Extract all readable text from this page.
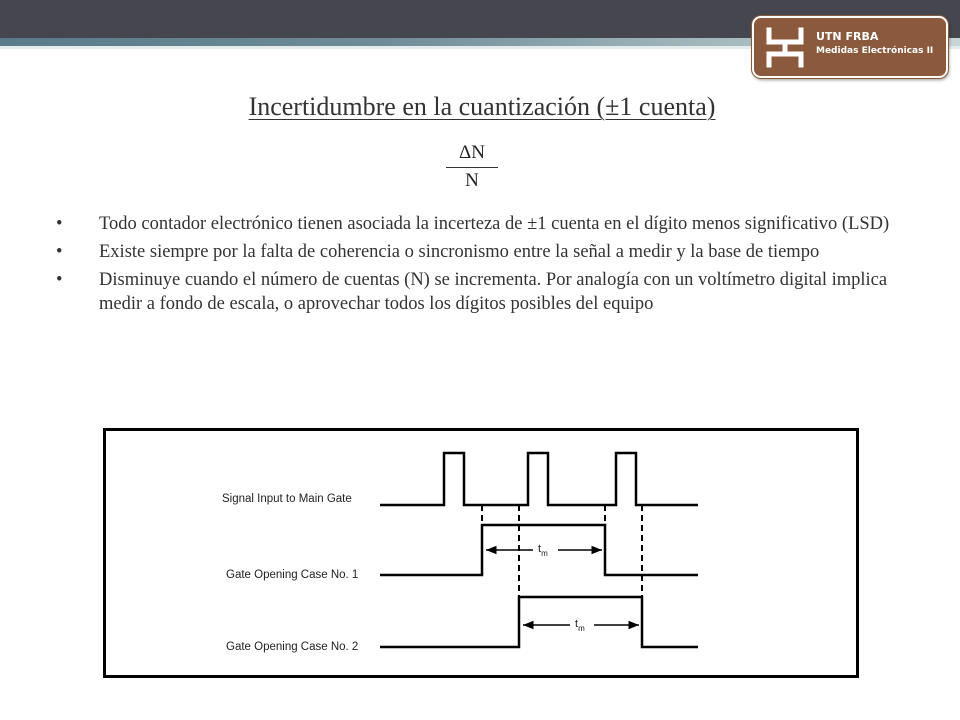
UTN FRBA
Medidas Electrónicas II
Incertidumbre en la cuantización (±1 cuenta)
ΔN
N
• Todo contador electrónico tienen asociada la incerteza de ±1 cuenta en el dígito menos significativo (LSD)
• Existe siempre por la falta de coherencia o sincronismo entre la señal a medir y la base de tiempo
• Disminuye cuando el número de cuentas (N) se incrementa. Por analogía con un voltímetro digital implica medir a fondo de escala, o aprovechar todos los dígitos posibles del equipo
Signal Input to Main Gate
Gate Opening Case No. 1
Gate Opening Case No. 2
$t_m$
$t_m$
